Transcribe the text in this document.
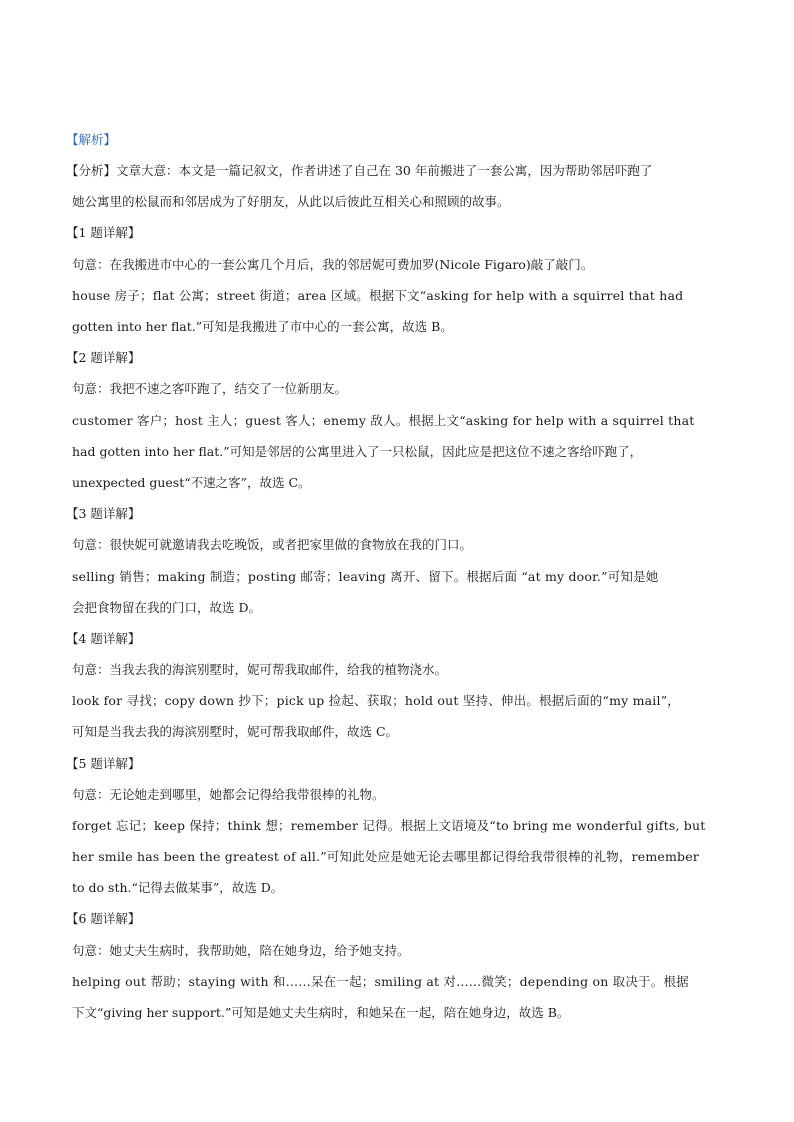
【解析】
【分析】文章大意：本文是一篇记叙文，作者讲述了自己在 30 年前搬进了一套公寓，因为帮助邻居吓跑了
她公寓里的松鼠而和邻居成为了好朋友，从此以后彼此互相关心和照顾的故事。
【1 题详解】
句意：在我搬进市中心的一套公寓几个月后，我的邻居妮可费加罗(Nicole Figaro)敲了敲门。
house 房子；flat 公寓；street 街道；area 区域。根据下文“asking for help with a squirrel that had
gotten into her flat.”可知是我搬进了市中心的一套公寓，故选 B。
【2 题详解】
句意：我把不速之客吓跑了，结交了一位新朋友。
customer 客户；host 主人；guest 客人；enemy 敌人。根据上文“asking for help with a squirrel that
had gotten into her flat.”可知是邻居的公寓里进入了一只松鼠，因此应是把这位不速之客给吓跑了，
unexpected guest“不速之客”，故选 C。
【3 题详解】
句意：很快妮可就邀请我去吃晚饭，或者把家里做的食物放在我的门口。
selling 销售；making 制造；posting 邮寄；leaving 离开、留下。根据后面 “at my door.”可知是她
会把食物留在我的门口，故选 D。
【4 题详解】
句意：当我去我的海滨别墅时，妮可帮我取邮件，给我的植物浇水。
look for 寻找；copy down 抄下；pick up 捡起、获取；hold out 坚持、伸出。根据后面的“my mail”，
可知是当我去我的海滨别墅时，妮可帮我取邮件，故选 C。
【5 题详解】
句意：无论她走到哪里，她都会记得给我带很棒的礼物。
forget 忘记；keep 保持；think 想；remember 记得。根据上文语境及“to bring me wonderful gifts, but
her smile has been the greatest of all.”可知此处应是她无论去哪里都记得给我带很棒的礼物，remember
to do sth.“记得去做某事”，故选 D。
【6 题详解】
句意：她丈夫生病时，我帮助她，陪在她身边，给予她支持。
helping out 帮助；staying with 和……呆在一起；smiling at 对……微笑；depending on 取决于。根据
下文“giving her support.”可知是她丈夫生病时，和她呆在一起，陪在她身边，故选 B。
